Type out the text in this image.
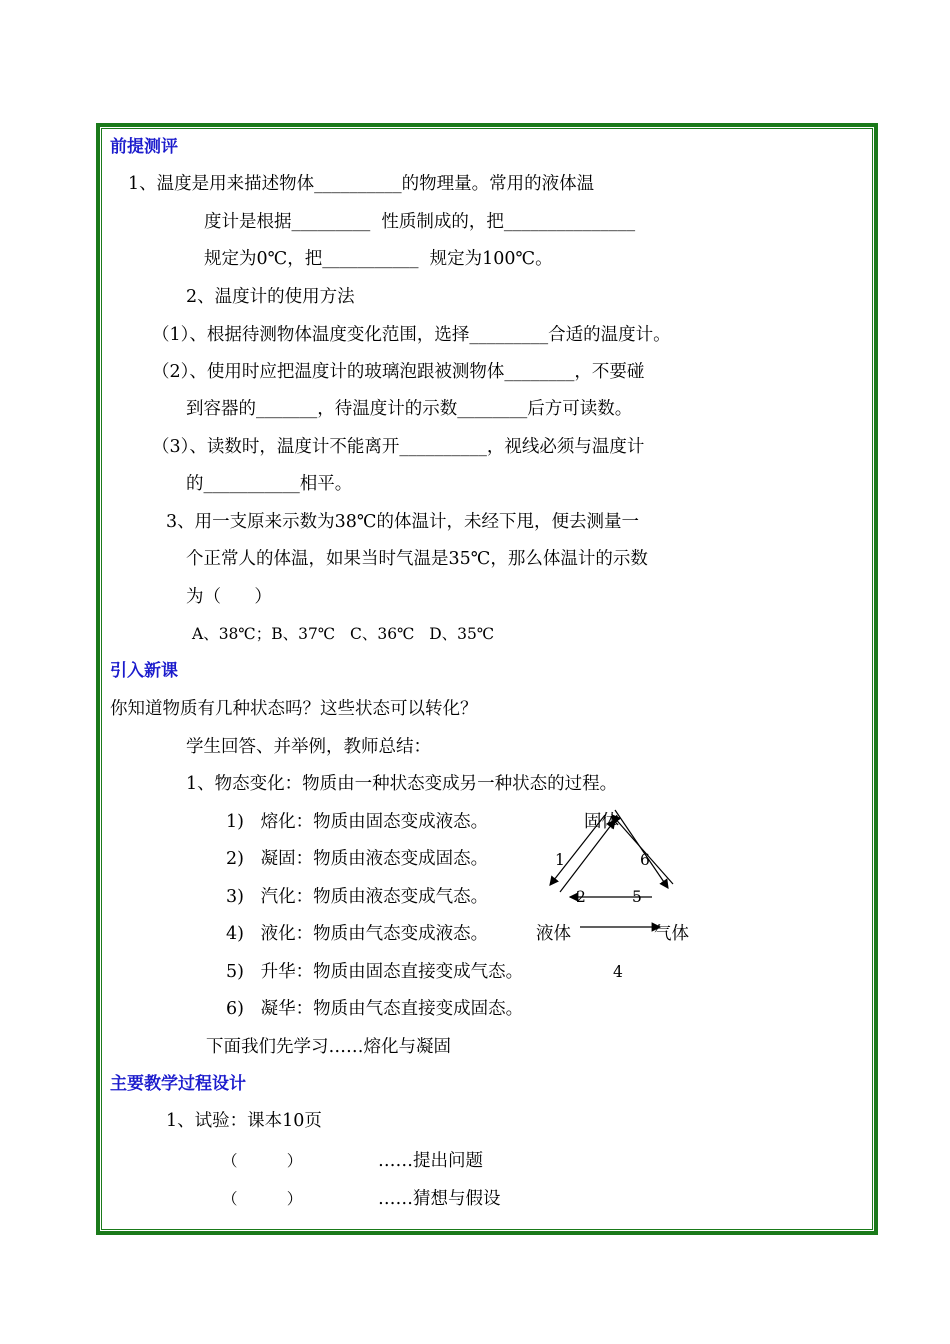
前提测评
1、温度是用来描述物体__________的物理量。常用的液体温
度计是根据_________  性质制成的，把_______________
规定为0℃，把___________  规定为100℃。
2、温度计的使用方法
（1）、根据待测物体温度变化范围，选择_________合适的温度计。
（2）、使用时应把温度计的玻璃泡跟被测物体________，不要碰
到容器的_______，待温度计的示数________后方可读数。
（3）、读数时，温度计不能离开__________，视线必须与温度计
的___________相平。
3、用一支原来示数为38℃的体温计，未经下甩，便去测量一
个正常人的体温，如果当时气温是35℃，那么体温计的示数
为（      ）
A、38℃；B、37℃   C、36℃   D、35℃
引入新课
你知道物质有几种状态吗？这些状态可以转化？
学生回答、并举例，教师总结：
1、物态变化：物质由一种状态变成另一种状态的过程。
1)   熔化：物质由固态变成液态。
2)   凝固：物质由液态变成固态。
3)   汽化：物质由液态变成气态。
4)   液化：物质由气态变成液态。
5)   升华：物质由固态直接变成气态。
6)   凝华：物质由气态直接变成固态。
下面我们先学习……熔化与凝固
固体
液体	气体
1	6
2	5
4
主要教学过程设计
1、试验：课本10页
（          ）	……提出问题
（          ）	……猜想与假设
